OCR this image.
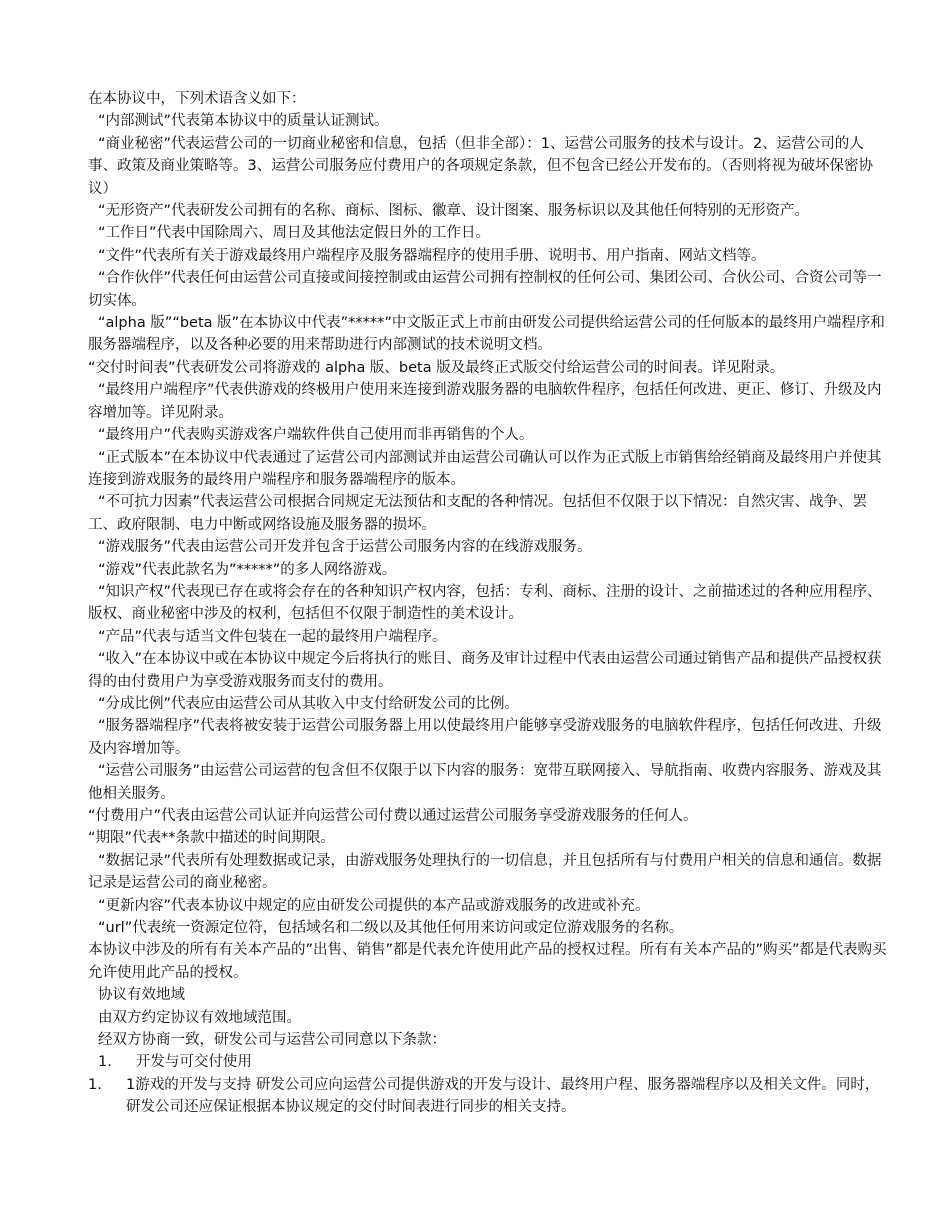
在本协议中，下列术语含义如下：

“内部测试”代表第本协议中的质量认证测试。

“商业秘密”代表运营公司的一切商业秘密和信息，包括（但非全部）：1、运营公司服务的技术与设计。2、运营公司的人事、政策及商业策略等。3、运营公司服务应付费用户的各项规定条款，但不包含已经公开发布的。（否则将视为破坏保密协议）

“无形资产”代表研发公司拥有的名称、商标、图标、徽章、设计图案、服务标识以及其他任何特别的无形资产。

“工作日”代表中国除周六、周日及其他法定假日外的工作日。

“文件”代表所有关于游戏最终用户端程序及服务器端程序的使用手册、说明书、用户指南、网站文档等。

“合作伙伴”代表任何由运营公司直接或间接控制或由运营公司拥有控制权的任何公司、集团公司、合伙公司、合资公司等一切实体。

“alpha 版”“beta 版”在本协议中代表”*****”中文版正式上市前由研发公司提供给运营公司的任何版本的最终用户端程序和服务器端程序，以及各种必要的用来帮助进行内部测试的技术说明文档。

“交付时间表”代表研发公司将游戏的 alpha 版、beta 版及最终正式版交付给运营公司的时间表。详见附录。

“最终用户端程序”代表供游戏的终极用户使用来连接到游戏服务器的电脑软件程序，包括任何改进、更正、修订、升级及内容增加等。详见附录。

“最终用户”代表购买游戏客户端软件供自己使用而非再销售的个人。

“正式版本”在本协议中代表通过了运营公司内部测试并由运营公司确认可以作为正式版上市销售给经销商及最终用户并使其连接到游戏服务的最终用户端程序和服务器端程序的版本。

“不可抗力因素”代表运营公司根据合同规定无法预估和支配的各种情况。包括但不仅限于以下情况：自然灾害、战争、罢工、政府限制、电力中断或网络设施及服务器的损坏。

“游戏服务”代表由运营公司开发并包含于运营公司服务内容的在线游戏服务。

“游戏”代表此款名为”*****”的多人网络游戏。

“知识产权”代表现已存在或将会存在的各种知识产权内容，包括：专利、商标、注册的设计、之前描述过的各种应用程序、版权、商业秘密中涉及的权利，包括但不仅限于制造性的美术设计。

“产品”代表与适当文件包装在一起的最终用户端程序。

“收入”在本协议中或在本协议中规定今后将执行的账目、商务及审计过程中代表由运营公司通过销售产品和提供产品授权获得的由付费用户为享受游戏服务而支付的费用。

“分成比例”代表应由运营公司从其收入中支付给研发公司的比例。

“服务器端程序”代表将被安装于运营公司服务器上用以使最终用户能够享受游戏服务的电脑软件程序，包括任何改进、升级及内容增加等。

“运营公司服务”由运营公司运营的包含但不仅限于以下内容的服务：宽带互联网接入、导航指南、收费内容服务、游戏及其他相关服务。

“付费用户”代表由运营公司认证并向运营公司付费以通过运营公司服务享受游戏服务的任何人。

“期限”代表**条款中描述的时间期限。

“数据记录”代表所有处理数据或记录，由游戏服务处理执行的一切信息，并且包括所有与付费用户相关的信息和通信。数据记录是运营公司的商业秘密。

“更新内容”代表本协议中规定的应由研发公司提供的本产品或游戏服务的改进或补充。

“url”代表统一资源定位符，包括域名和二级以及其他任何用来访问或定位游戏服务的名称。

本协议中涉及的所有有关本产品的”出售、销售”都是代表允许使用此产品的授权过程。所有有关本产品的”购买”都是代表购买允许使用此产品的授权。

协议有效地域

由双方约定协议有效地域范围。

经双方协商一致，研发公司与运营公司同意以下条款：

1. 开发与可交付使用
1. 1游戏的开发与支持 研发公司应向运营公司提供游戏的开发与设计、最终用户程、服务器端程序以及相关文件。同时，研发公司还应保证根据本协议规定的交付时间表进行同步的相关支持。
